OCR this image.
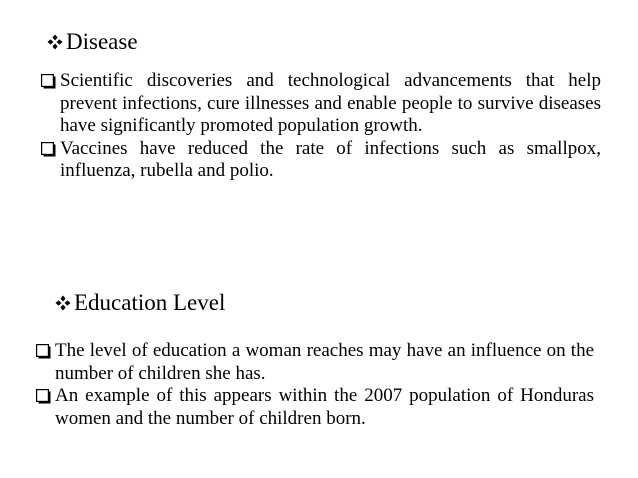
Disease
Scientific discoveries and technological advancements that help prevent infections, cure illnesses and enable people to survive diseases have significantly promoted population growth.
Vaccines have reduced the rate of infections such as smallpox, influenza, rubella and polio.
Education Level
The level of education a woman reaches may have an influence on the number of children she has.
An example of this appears within the 2007 population of Honduras women and the number of children born.
